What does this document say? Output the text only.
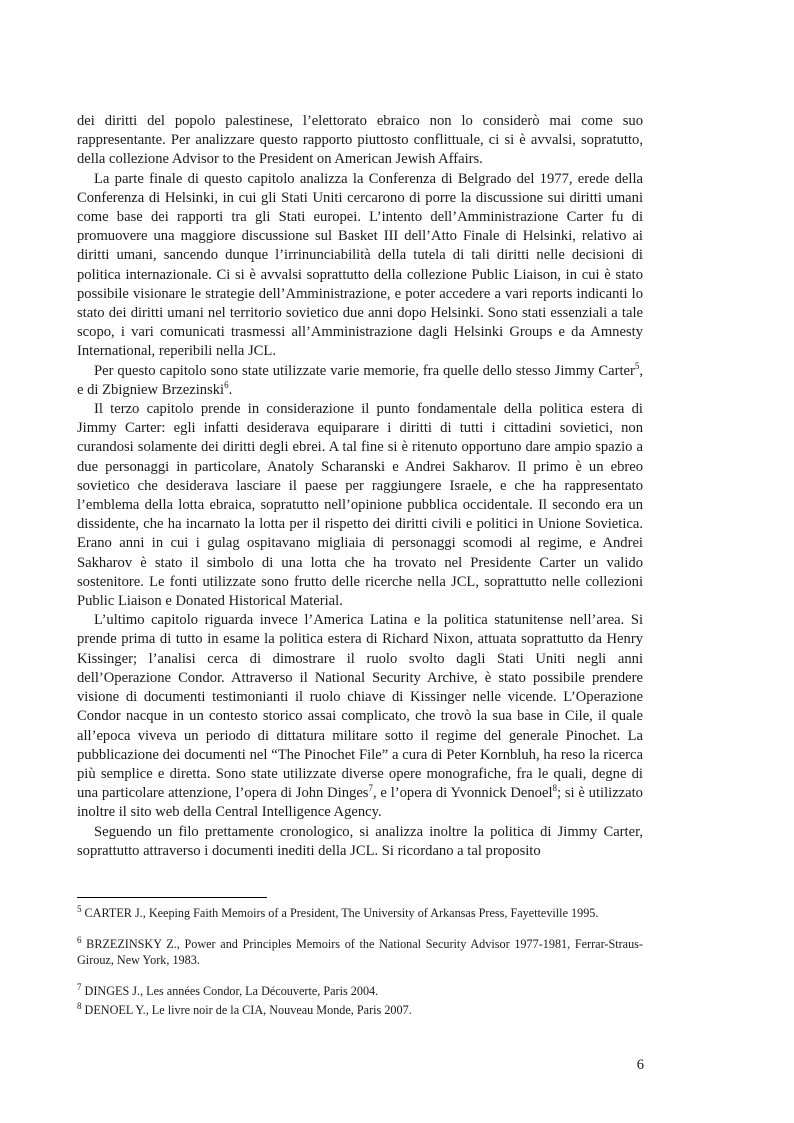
dei diritti del popolo palestinese, l’elettorato ebraico non lo considerò mai come suo rappresentante. Per analizzare questo rapporto piuttosto conflittuale, ci si è avvalsi, sopratutto, della collezione Advisor to the President on American Jewish Affairs.

La parte finale di questo capitolo analizza la Conferenza di Belgrado del 1977, erede della Conferenza di Helsinki, in cui gli Stati Uniti cercarono di porre la discussione sui diritti umani come base dei rapporti tra gli Stati europei. L’intento dell’Amministrazione Carter fu di promuovere una maggiore discussione sul Basket III dell’Atto Finale di Helsinki, relativo ai diritti umani, sancendo dunque l’irrinunciabilità della tutela di tali diritti nelle decisioni di politica internazionale. Ci si è avvalsi soprattutto della collezione Public Liaison, in cui è stato possibile visionare le strategie dell’Amministrazione, e poter accedere a vari reports indicanti lo stato dei diritti umani nel territorio sovietico due anni dopo Helsinki. Sono stati essenziali a tale scopo, i vari comunicati trasmessi all’Amministrazione dagli Helsinki Groups e da Amnesty International, reperibili nella JCL.

Per questo capitolo sono state utilizzate varie memorie, fra quelle dello stesso Jimmy Carter$^5$, e di Zbigniew Brzezinski$^6$.

Il terzo capitolo prende in considerazione il punto fondamentale della politica estera di Jimmy Carter: egli infatti desiderava equiparare i diritti di tutti i cittadini sovietici, non curandosi solamente dei diritti degli ebrei. A tal fine si è ritenuto opportuno dare ampio spazio a due personaggi in particolare, Anatoly Scharanski e Andrei Sakharov. Il primo è un ebreo sovietico che desiderava lasciare il paese per raggiungere Israele, e che ha rappresentato l’emblema della lotta ebraica, sopratutto nell’opinione pubblica occidentale. Il secondo era un dissidente, che ha incarnato la lotta per il rispetto dei diritti civili e politici in Unione Sovietica. Erano anni in cui i gulag ospitavano migliaia di personaggi scomodi al regime, e Andrei Sakharov è stato il simbolo di una lotta che ha trovato nel Presidente Carter un valido sostenitore. Le fonti utilizzate sono frutto delle ricerche nella JCL, soprattutto nelle collezioni Public Liaison e Donated Historical Material.

L’ultimo capitolo riguarda invece l’America Latina e la politica statunitense nell’area. Si prende prima di tutto in esame la politica estera di Richard Nixon, attuata soprattutto da Henry Kissinger; l’analisi cerca di dimostrare il ruolo svolto dagli Stati Uniti negli anni dell’Operazione Condor. Attraverso il National Security Archive, è stato possibile prendere visione di documenti testimonianti il ruolo chiave di Kissinger nelle vicende. L’Operazione Condor nacque in un contesto storico assai complicato, che trovò la sua base in Cile, il quale all’epoca viveva un periodo di dittatura militare sotto il regime del generale Pinochet. La pubblicazione dei documenti nel “The Pinochet File” a cura di Peter Kornbluh, ha reso la ricerca più semplice e diretta. Sono state utilizzate diverse opere monografiche, fra le quali, degne di una particolare attenzione, l’opera di John Dinges$^7$, e l’opera di Yvonnick Denoel$^8$; si è utilizzato inoltre il sito web della Central Intelligence Agency.

Seguendo un filo prettamente cronologico, si analizza inoltre la politica di Jimmy Carter, soprattutto attraverso i documenti inediti della JCL. Si ricordano a tal proposito

$^5$ CARTER J., Keeping Faith Memoirs of a President, The University of Arkansas Press, Fayetteville 1995.

$^6$ BRZEZINSKY Z., Power and Principles Memoirs of the National Security Advisor 1977-1981, Ferrar-Straus-Girouz, New York, 1983.

$^7$ DINGES J., Les années Condor, La Découverte, Paris 2004.

$^8$ DENOEL Y., Le livre noir de la CIA, Nouveau Monde, Paris 2007.

6
